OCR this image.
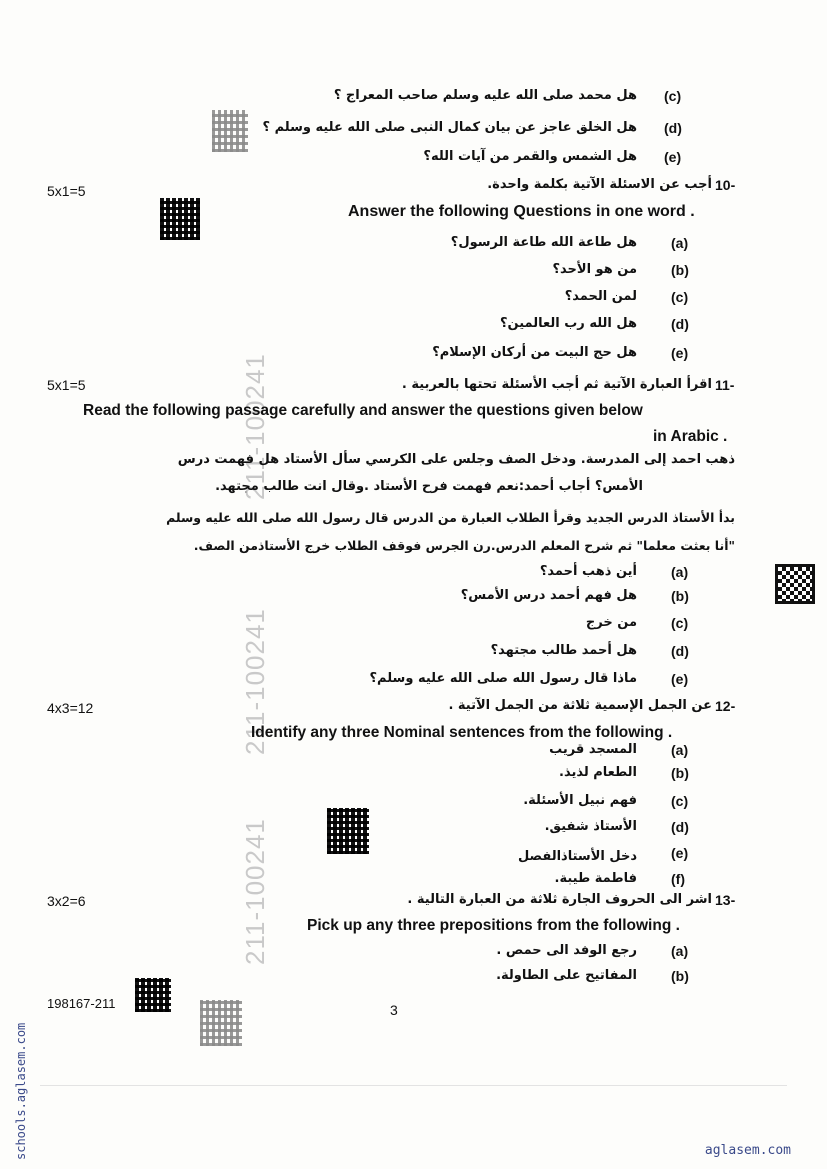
211-100241
211-100241
211-100241
schools.aglasem.com
(c)
هل محمد صلى الله عليه وسلم صاحب المعراج ؟
(d)
هل الخلق عاجز عن بيان كمال النبى صلى الله عليه وسلم ؟
(e)
هل الشمس والقمر من آيات الله؟
5x1=5	10-
أجب عن الاسئلة الآتية بكلمة واحدة.
Answer the following Questions in one word .
(a)
هل طاعة الله طاعة الرسول؟
(b)
من هو الأحد؟
(c)
لمن الحمد؟
(d)
هل الله رب العالمين؟
(e)
هل حج البيت من أركان الإسلام؟
5x1=5	11-
اقرأ العبارة الآتية ثم أجب الأسئلة تحتها بالعربية .
Read the following passage carefully and answer the questions given below
in Arabic .
ذهب احمد إلى المدرسة. ودخل الصف وجلس على الكرسي سأل الأستاد هل فهمت درس
الأمس؟ أجاب أحمد:نعم فهمت فرح الأستاد .وقال انت طالب مجتهد.
بدأ الأستاذ الدرس الجديد وقرأ الطلاب العبارة من الدرس قال رسول الله صلى الله عليه وسلم
"أنا بعثت معلما" ثم شرح المعلم الدرس.رن الجرس فوقف الطلاب خرج الأستاذمن الصف.
(a)
أين ذهب أحمد؟
(b)
هل فهم أحمد درس الأمس؟
(c)
من خرج
(d)
هل أحمد طالب مجتهد؟
(e)
ماذا قال رسول الله صلى الله عليه وسلم؟
4x3=12	12-
عن الجمل الإسمية ثلاثة من الجمل الآتية .
Identify any three Nominal sentences from the following .
(a)
المسجد قريب
(b)
الطعام لذيذ.
(c)
فهم نبيل الأسئلة.
(d)
الأستاذ شفيق.
(e)
دخل الأستاذالفصل
(f)
فاطمة طيبة.
3x2=6	13-
اشر الى الحروف الجارة ثلاثة من العبارة التالية .
Pick up any three prepositions from the following .
(a)
رجع الوفد الى حمص .
(b)
المفاتيح على الطاولة.
198167-211	3
aglasem.com
